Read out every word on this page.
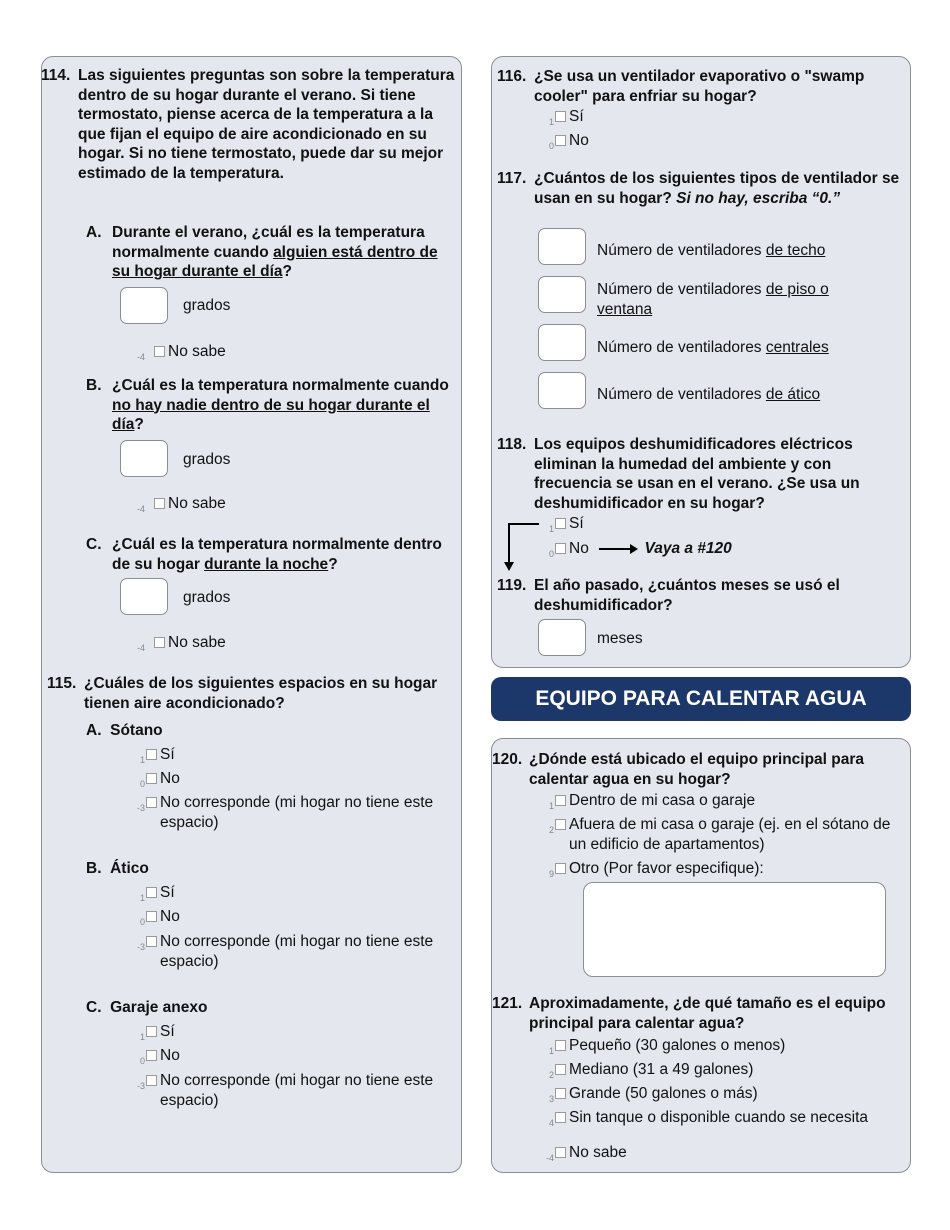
114. Las siguientes preguntas son sobre la temperatura dentro de su hogar durante el verano. Si tiene termostato, piense acerca de la temperatura a la que fijan el equipo de aire acondicionado en su hogar. Si no tiene termostato, puede dar su mejor estimado de la temperatura.
A. Durante el verano, ¿cuál es la temperatura normalmente cuando alguien está dentro de su hogar durante el día?
grados
-4 No sabe
B. ¿Cuál es la temperatura normalmente cuando no hay nadie dentro de su hogar durante el día?
grados
-4 No sabe
C. ¿Cuál es la temperatura normalmente dentro de su hogar durante la noche?
grados
-4 No sabe
115. ¿Cuáles de los siguientes espacios en su hogar tienen aire acondicionado?
A.  Sótano
1 Sí
0 No
-3 No corresponde (mi hogar no tiene este espacio)
B.  Ático
1 Sí
0 No
-3 No corresponde (mi hogar no tiene este espacio)
C.  Garaje anexo
1 Sí
0 No
-3 No corresponde (mi hogar no tiene este espacio)
116. ¿Se usa un ventilador evaporativo o "swamp cooler" para enfriar su hogar?
1 Sí
0 No
117. ¿Cuántos de los siguientes tipos de ventilador se usan en su hogar? Si no hay, escriba “0.”
Número de ventiladores de techo
Número de ventiladores de piso o ventana
Número de ventiladores centrales
Número de ventiladores de ático
118. Los equipos deshumidificadores eléctricos eliminan la humedad del ambiente y con frecuencia se usan en el verano. ¿Se usa un deshumidificador en su hogar?
1 Sí
0 No	Vaya a #120
119. El año pasado, ¿cuántos meses se usó el deshumidificador?
meses
EQUIPO PARA CALENTAR AGUA
120. ¿Dónde está ubicado el equipo principal para calentar agua en su hogar?
1 Dentro de mi casa o garaje
2 Afuera de mi casa o garaje (ej. en el sótano de un edificio de apartamentos)
9 Otro (Por favor especifique):
121. Aproximadamente, ¿de qué tamaño es el equipo principal para calentar agua?
1 Pequeño (30 galones o menos)
2 Mediano (31 a 49 galones)
3 Grande (50 galones o más)
4 Sin tanque o disponible cuando se necesita
-4 No sabe
